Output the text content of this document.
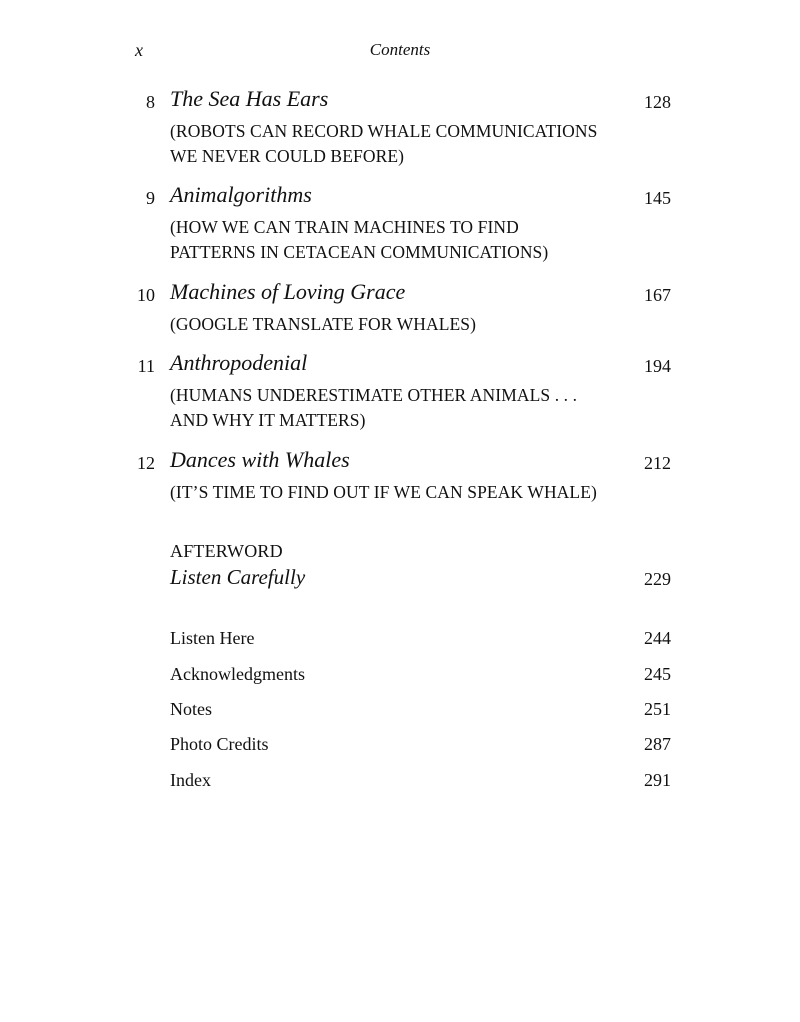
x	Contents
8 The Sea Has Ears	128
(ROBOTS CAN RECORD WHALE COMMUNICATIONS
WE NEVER COULD BEFORE)
9 Animalgorithms	145
(HOW WE CAN TRAIN MACHINES TO FIND
PATTERNS IN CETACEAN COMMUNICATIONS)
10 Machines of Loving Grace	167
(GOOGLE TRANSLATE FOR WHALES)
11 Anthropodenial	194
(HUMANS UNDERESTIMATE OTHER ANIMALS . . .
AND WHY IT MATTERS)
12 Dances with Whales	212
(IT’S TIME TO FIND OUT IF WE CAN SPEAK WHALE)
AFTERWORD
Listen Carefully	229
Listen Here	244
Acknowledgments	245
Notes	251
Photo Credits	287
Index	291
